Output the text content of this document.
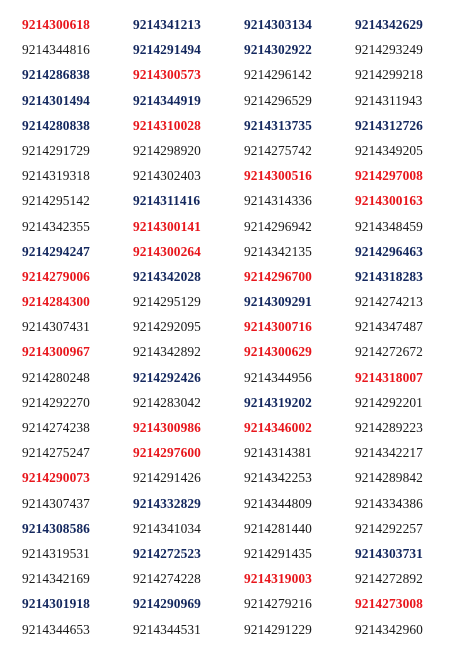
9214300618	9214341213	9214303134	9214342629
9214344816	9214291494	9214302922	9214293249
9214286838	9214300573	9214296142	9214299218
9214301494	9214344919	9214296529	9214311943
9214280838	9214310028	9214313735	9214312726
9214291729	9214298920	9214275742	9214349205
9214319318	9214302403	9214300516	9214297008
9214295142	9214311416	9214314336	9214300163
9214342355	9214300141	9214296942	9214348459
9214294247	9214300264	9214342135	9214296463
9214279006	9214342028	9214296700	9214318283
9214284300	9214295129	9214309291	9214274213
9214307431	9214292095	9214300716	9214347487
9214300967	9214342892	9214300629	9214272672
9214280248	9214292426	9214344956	9214318007
9214292270	9214283042	9214319202	9214292201
9214274238	9214300986	9214346002	9214289223
9214275247	9214297600	9214314381	9214342217
9214290073	9214291426	9214342253	9214289842
9214307437	9214332829	9214344809	9214334386
9214308586	9214341034	9214281440	9214292257
9214319531	9214272523	9214291435	9214303731
9214342169	9214274228	9214319003	9214272892
9214301918	9214290969	9214279216	9214273008
9214344653	9214344531	9214291229	9214342960
